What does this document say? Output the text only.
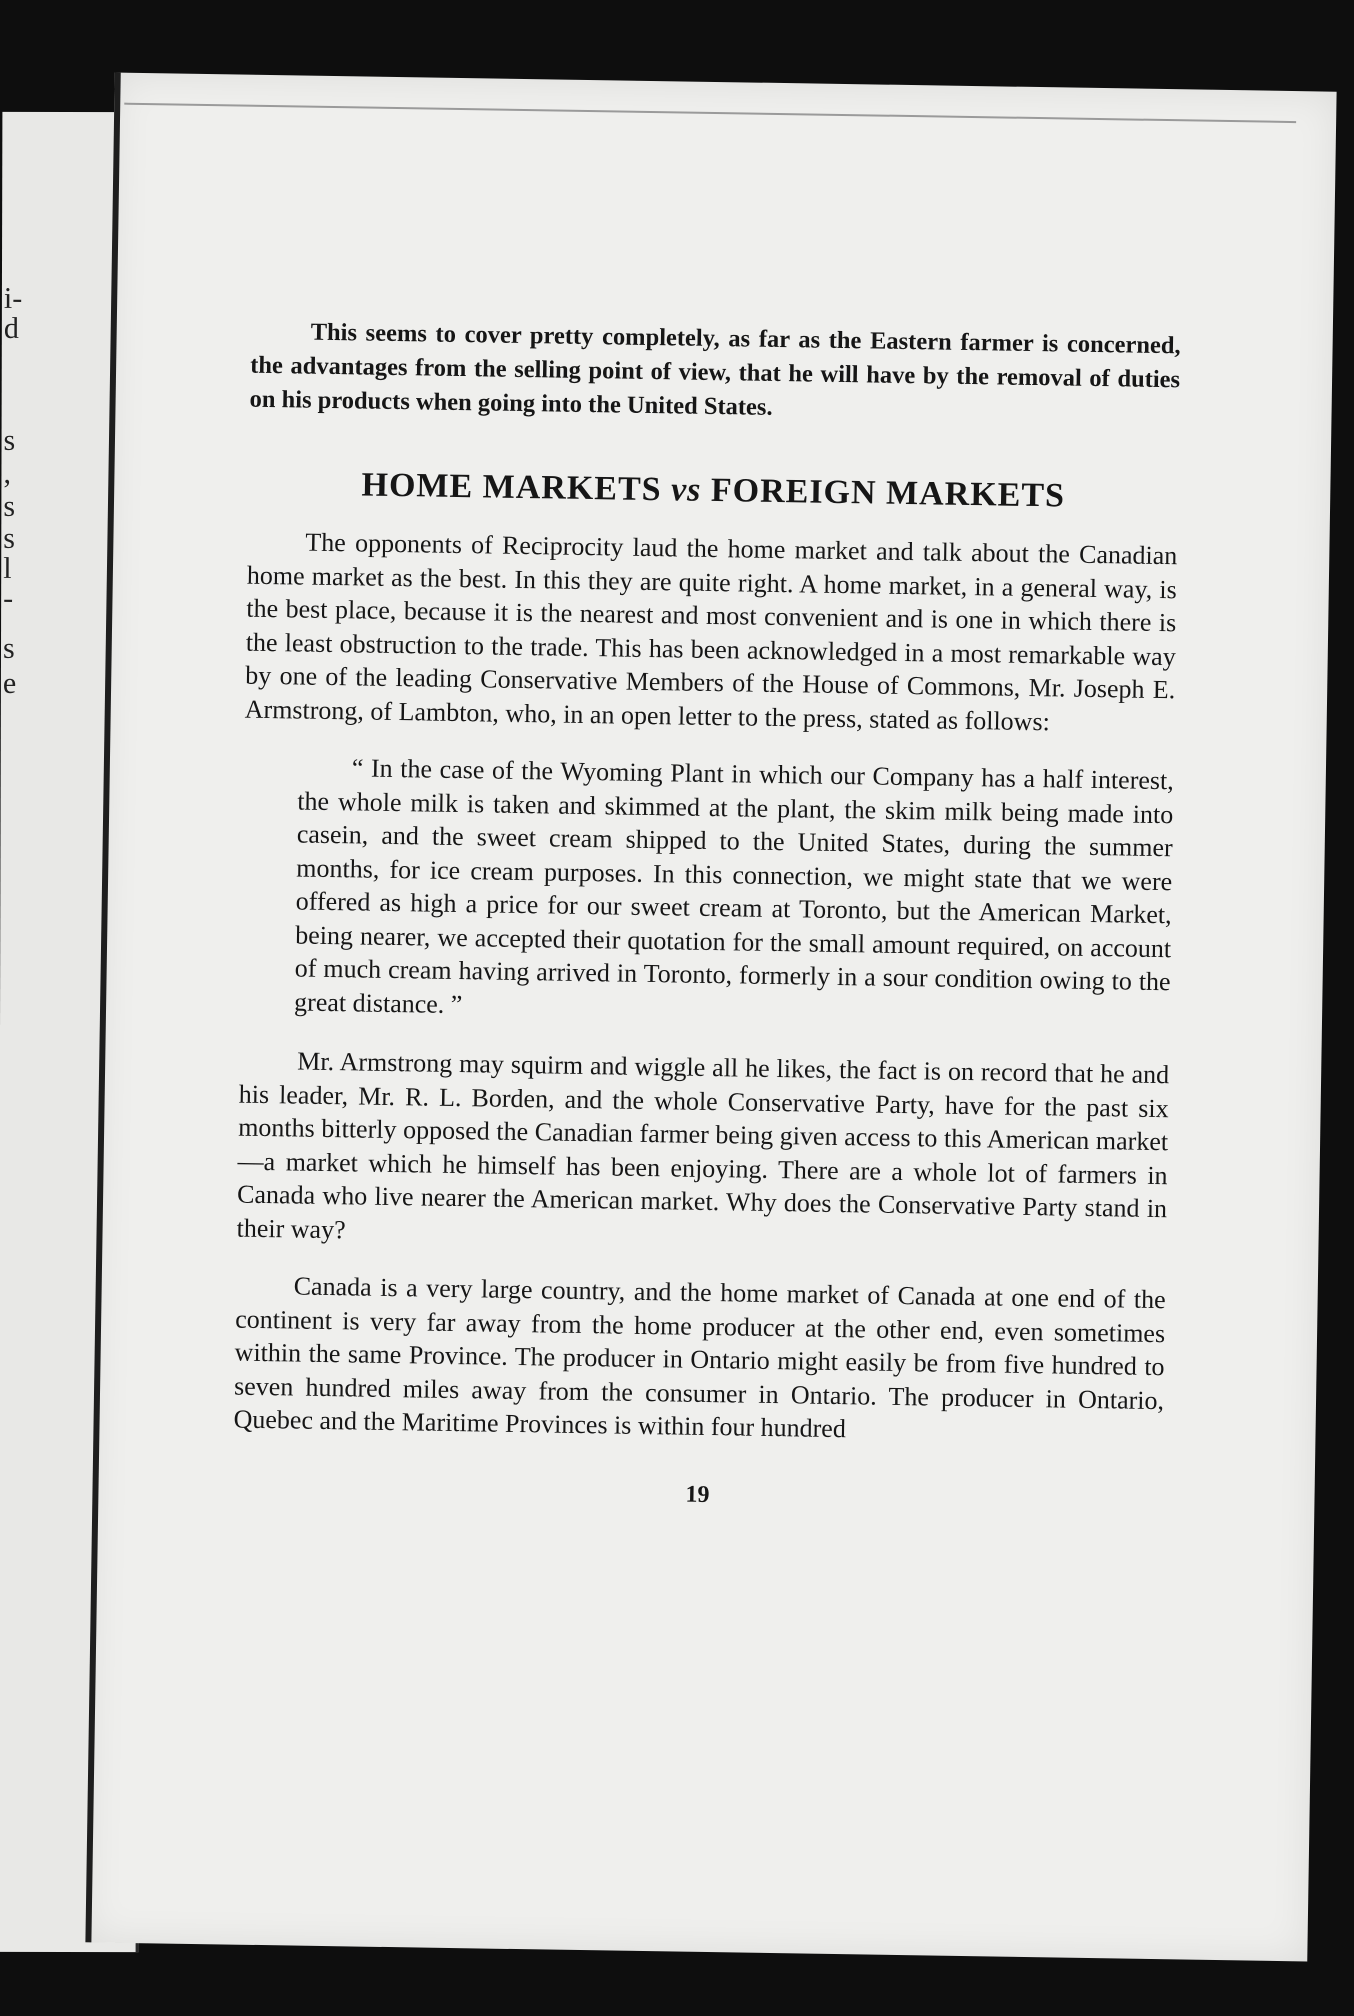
i-
d
s
,
s
s
l
-
s
e

This seems to cover pretty completely, as far as the Eastern farmer is concerned, the advantages from the selling point of view, that he will have by the removal of duties on his products when going into the United States.

HOME MARKETS vs FOREIGN MARKETS

The opponents of Reciprocity laud the home market and talk about the Canadian home market as the best. In this they are quite right. A home market, in a general way, is the best place, because it is the nearest and most convenient and is one in which there is the least obstruction to the trade. This has been acknowledged in a most remarkable way by one of the leading Conservative Members of the House of Commons, Mr. Joseph E. Armstrong, of Lambton, who, in an open letter to the press, stated as follows:

“ In the case of the Wyoming Plant in which our Company has a half interest, the whole milk is taken and skimmed at the plant, the skim milk being made into casein, and the sweet cream shipped to the United States, during the summer months, for ice cream purposes. In this connection, we might state that we were offered as high a price for our sweet cream at Toronto, but the American Market, being nearer, we accepted their quotation for the small amount required, on account of much cream having arrived in Toronto, formerly in a sour condition owing to the great distance. ”

Mr. Armstrong may squirm and wiggle all he likes, the fact is on record that he and his leader, Mr. R. L. Borden, and the whole Conservative Party, have for the past six months bitterly opposed the Canadian farmer being given access to this American market—a market which he himself has been enjoying. There are a whole lot of farmers in Canada who live nearer the American market. Why does the Conservative Party stand in their way?

Canada is a very large country, and the home market of Canada at one end of the continent is very far away from the home producer at the other end, even sometimes within the same Province. The producer in Ontario might easily be from five hundred to seven hundred miles away from the consumer in Ontario. The producer in Ontario, Quebec and the Maritime Provinces is within four hundred

19
